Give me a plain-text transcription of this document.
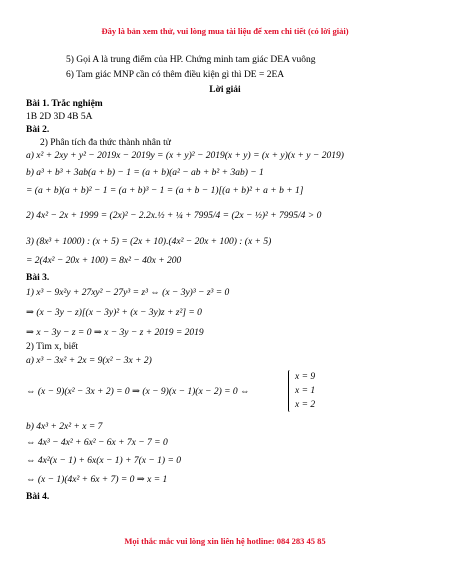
Đây là bản xem thử, vui lòng mua tài liệu để xem chi tiết (có lời giải)
5) Gọi A là trung điểm của HP. Chứng minh tam giác DEA vuông
6) Tam giác MNP cần có thêm điều kiện gì thì DE = 2EA
Lời giải
Bài 1. Trắc nghiệm
1B 2D 3D 4B 5A
Bài 2.
2) Phân tích đa thức thành nhân tử
a) x² + 2xy + y² − 2019x − 2019y = (x + y)² − 2019(x + y) = (x + y)(x + y − 2019)
b) a³ + b³ + 3ab(a + b) − 1 = (a + b)(a² − ab + b² + 3ab) − 1
= (a + b)(a + b)² − 1 = (a + b)³ − 1 = (a + b − 1)[(a + b)² + a + b + 1]
2) 4x² − 2x + 1999 = (2x)² − 2.2x.½ + ¼ + 7995/4 = (2x − ½)² + 7995/4 > 0
3) (8x³ + 1000) : (x + 5) = (2x + 10).(4x² − 20x + 100) : (x + 5)
= 2(4x² − 20x + 100) = 8x² − 40x + 200
Bài 3.
1) x³ − 9x²y + 27xy² − 27y³ = z³ ⇔ (x − 3y)³ − z³ = 0
⇒ (x − 3y − z)[(x − 3y)² + (x − 3y)z + z²] = 0
⇒ x − 3y − z = 0 ⇒ x − 3y − z + 2019 = 2019
2) Tìm x, biết
a) x³ − 3x² + 2x = 9(x² − 3x + 2)
⇔ (x − 9)(x² − 3x + 2) = 0 ⇒ (x − 9)(x − 1)(x − 2) = 0 ⇔
x = 9
x = 1
x = 2
b) 4x³ + 2x² + x = 7
⇔ 4x³ − 4x² + 6x² − 6x + 7x − 7 = 0
⇔ 4x²(x − 1) + 6x(x − 1) + 7(x − 1) = 0
⇔ (x − 1)(4x² + 6x + 7) = 0 ⇒ x = 1
Bài 4.
Mọi thắc mắc vui lòng xin liên hệ hotline: 084 283 45 85
